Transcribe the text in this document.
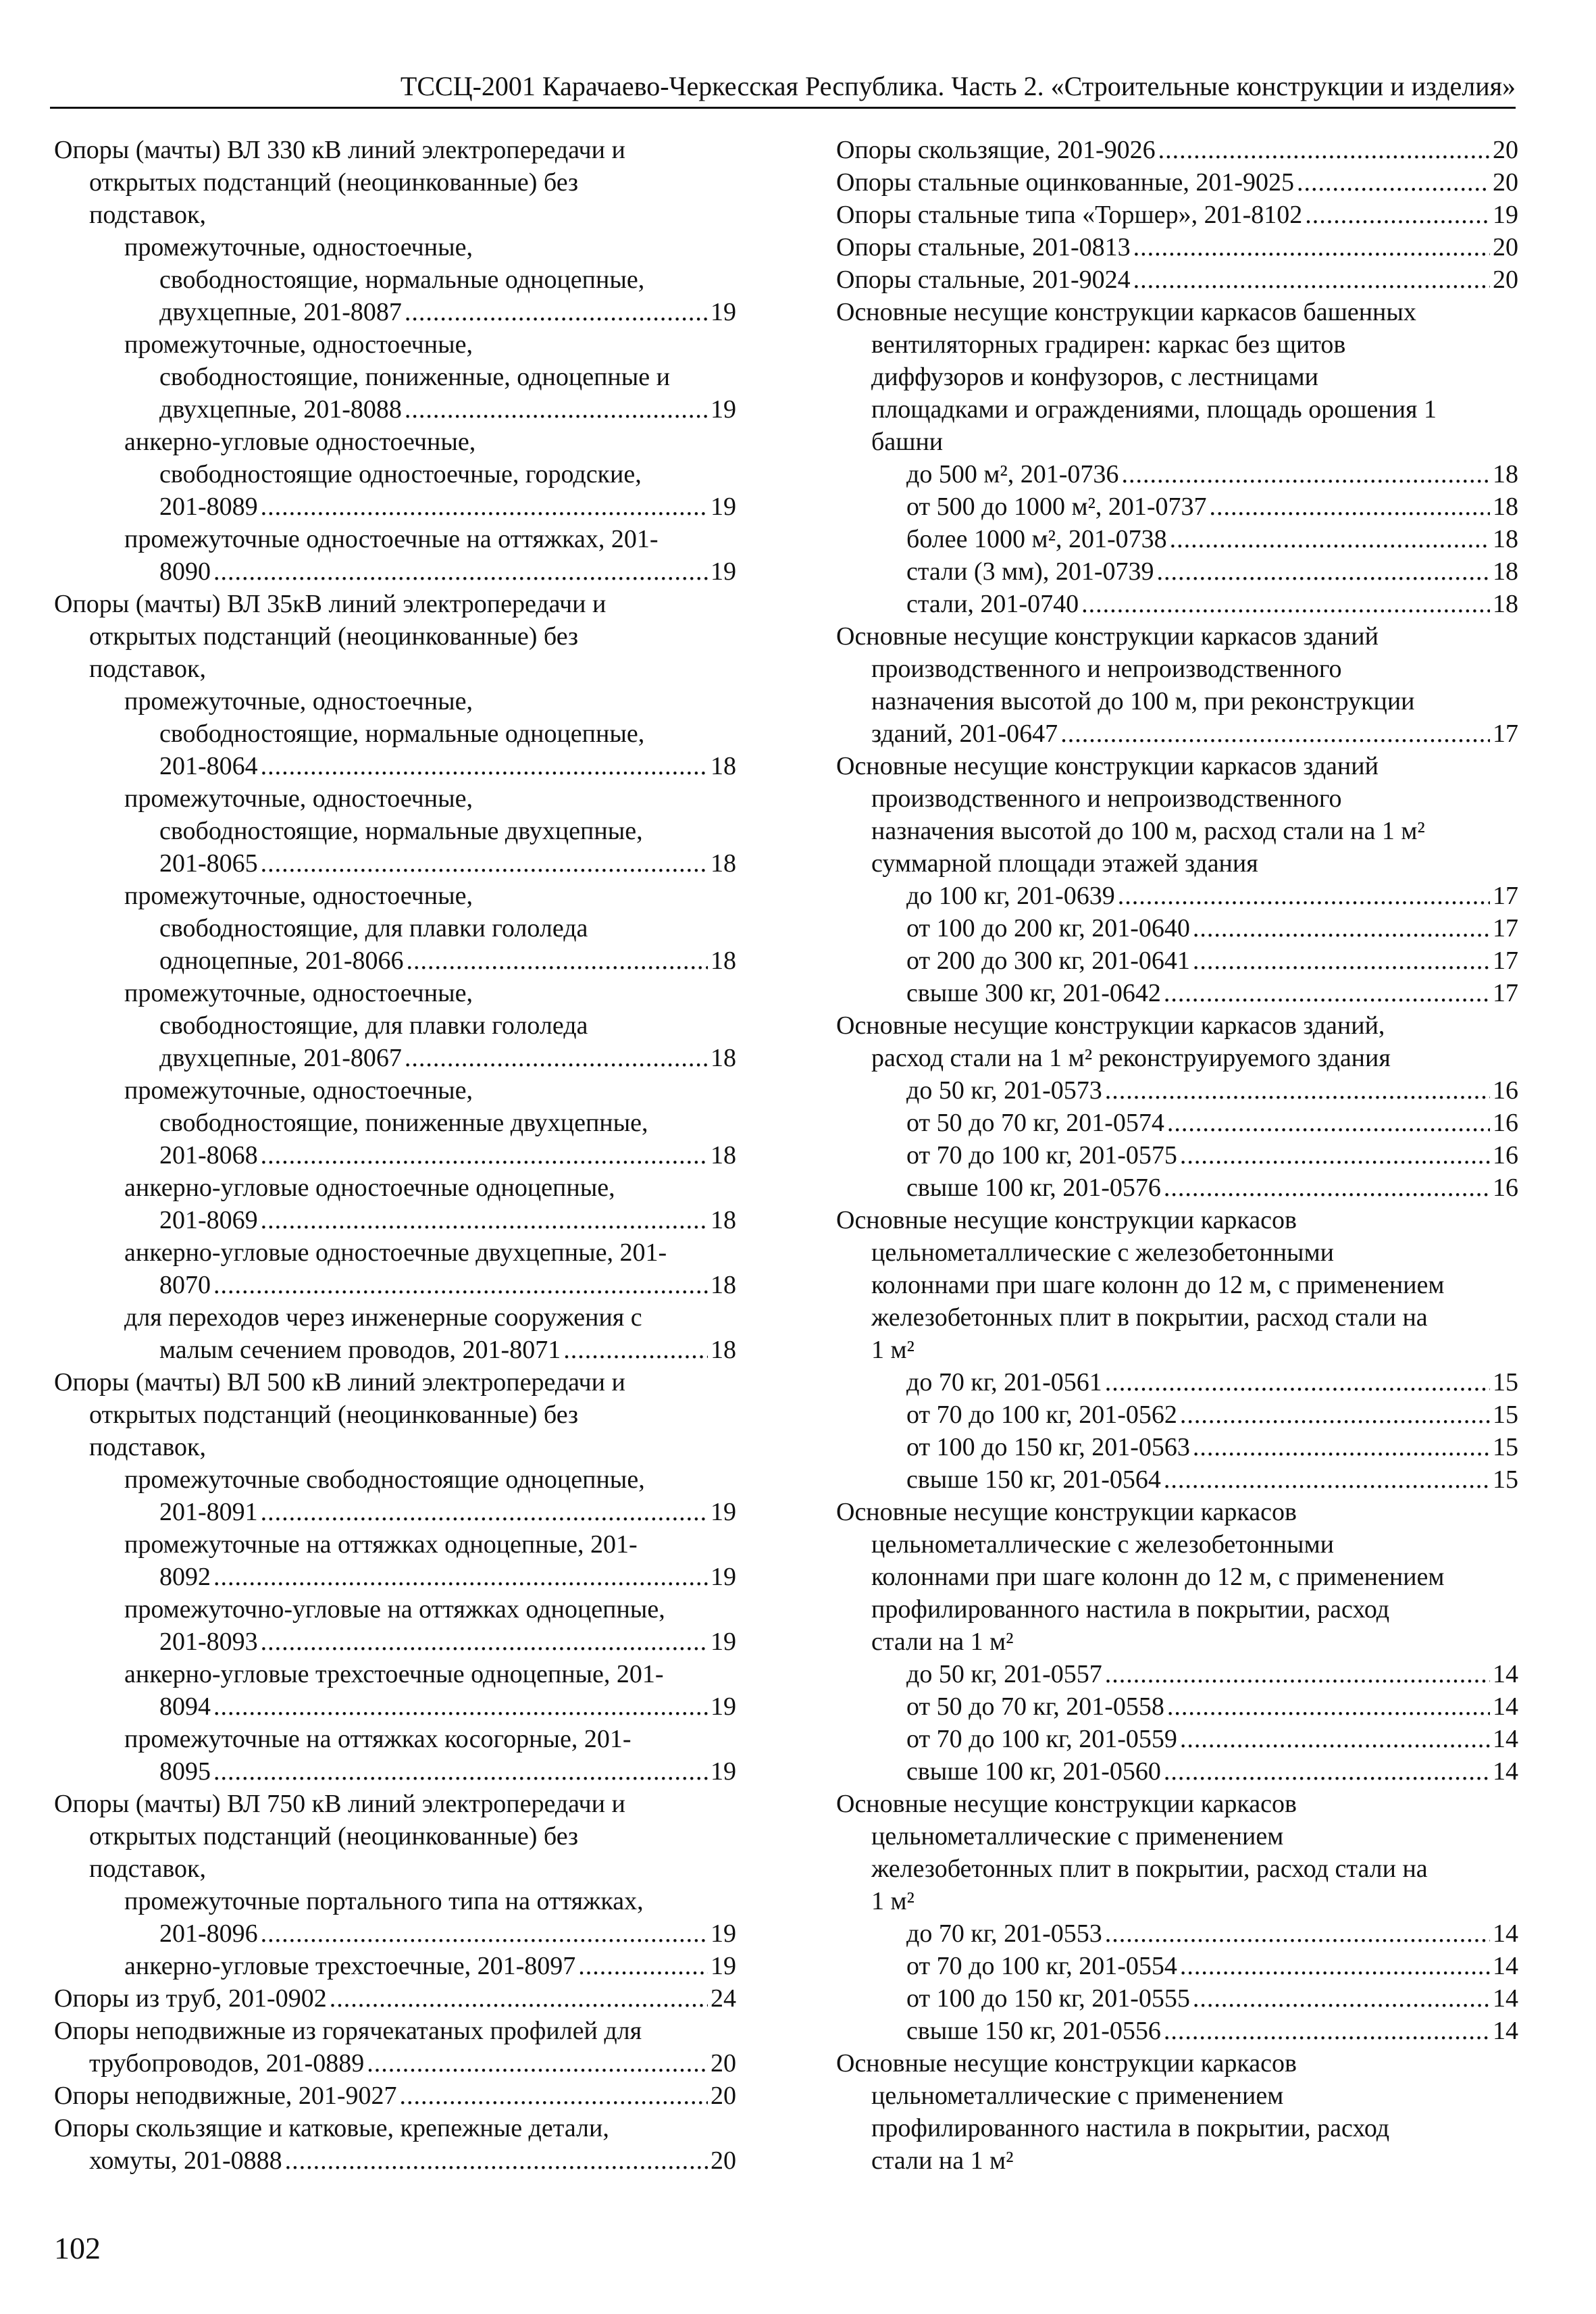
ТССЦ-2001 Карачаево-Черкесская Республика. Часть 2. «Строительные конструкции и изделия»
Опоры (мачты) ВЛ 330 кВ линий электропередачи и
открытых подстанций (неоцинкованные) без
подставок,
промежуточные, одностоечные,
свободностоящие, нормальные одноцепные,
двухцепные, 201-8087 .....	19
промежуточные, одностоечные,
свободностоящие, пониженные, одноцепные и
двухцепные, 201-8088 .....	19
анкерно-угловые одностоечные,
свободностоящие одностоечные, городские,
201-8089 .....	19
промежуточные одностоечные на оттяжках, 201-
8090 .....	19
Опоры (мачты) ВЛ 35кВ линий электропередачи и
открытых подстанций (неоцинкованные) без
подставок,
промежуточные, одностоечные,
свободностоящие, нормальные одноцепные,
201-8064 .....	18
промежуточные, одностоечные,
свободностоящие, нормальные двухцепные,
201-8065 .....	18
промежуточные, одностоечные,
свободностоящие, для плавки гололеда
одноцепные, 201-8066 .....	18
промежуточные, одностоечные,
свободностоящие, для плавки гололеда
двухцепные, 201-8067 .....	18
промежуточные, одностоечные,
свободностоящие, пониженные двухцепные,
201-8068 .....	18
анкерно-угловые одностоечные одноцепные,
201-8069 .....	18
анкерно-угловые одностоечные двухцепные, 201-
8070 .....	18
для переходов через инженерные сооружения с
малым сечением проводов, 201-8071 .....	18
Опоры (мачты) ВЛ 500 кВ линий электропередачи и
открытых подстанций (неоцинкованные) без
подставок,
промежуточные свободностоящие одноцепные,
201-8091 .....	19
промежуточные на оттяжках одноцепные, 201-
8092 .....	19
промежуточно-угловые на оттяжках одноцепные,
201-8093 .....	19
анкерно-угловые трехстоечные одноцепные, 201-
8094 .....	19
промежуточные на оттяжках косогорные, 201-
8095 .....	19
Опоры (мачты) ВЛ 750 кВ линий электропередачи и
открытых подстанций (неоцинкованные) без
подставок,
промежуточные портального типа на оттяжках,
201-8096 .....	19
анкерно-угловые трехстоечные, 201-8097 .....	19
Опоры из труб, 201-0902 .....	24
Опоры неподвижные из горячекатаных профилей для
трубопроводов, 201-0889 .....	20
Опоры неподвижные, 201-9027 .....	20
Опоры скользящие и катковые, крепежные детали,
хомуты, 201-0888 .....	20
Опоры скользящие, 201-9026 .....	20
Опоры стальные оцинкованные, 201-9025 .....	20
Опоры стальные типа «Торшер», 201-8102 .....	19
Опоры стальные, 201-0813 .....	20
Опоры стальные, 201-9024 .....	20
Основные несущие конструкции каркасов башенных
вентиляторных градирен: каркас без щитов
диффузоров и конфузоров, с лестницами
площадками и ограждениями, площадь орошения 1
башни
до 500 м², 201-0736 .....	18
от 500 до 1000 м², 201-0737 .....	18
более 1000 м², 201-0738 .....	18
стали (3 мм), 201-0739 .....	18
стали, 201-0740 .....	18
Основные несущие конструкции каркасов зданий
производственного и непроизводственного
назначения высотой до 100 м, при реконструкции
зданий, 201-0647 .....	17
Основные несущие конструкции каркасов зданий
производственного и непроизводственного
назначения высотой до 100 м, расход стали на 1 м²
суммарной площади этажей здания
до 100 кг, 201-0639 .....	17
от 100 до 200 кг, 201-0640 .....	17
от 200 до 300 кг, 201-0641 .....	17
свыше 300 кг, 201-0642 .....	17
Основные несущие конструкции каркасов зданий,
расход стали на 1 м² реконструируемого здания
до 50 кг, 201-0573 .....	16
от 50 до 70 кг, 201-0574 .....	16
от 70 до 100 кг, 201-0575 .....	16
свыше 100 кг, 201-0576 .....	16
Основные несущие конструкции каркасов
цельнометаллические с железобетонными
колоннами при шаге колонн до 12 м, с применением
железобетонных плит в покрытии, расход стали на
1 м²
до 70 кг, 201-0561 .....	15
от 70 до 100 кг, 201-0562 .....	15
от 100 до 150 кг, 201-0563 .....	15
свыше 150 кг, 201-0564 .....	15
Основные несущие конструкции каркасов
цельнометаллические с железобетонными
колоннами при шаге колонн до 12 м, с применением
профилированного настила в покрытии, расход
стали на 1 м²
до 50 кг, 201-0557 .....	14
от 50 до 70 кг, 201-0558 .....	14
от 70 до 100 кг, 201-0559 .....	14
свыше 100 кг, 201-0560 .....	14
Основные несущие конструкции каркасов
цельнометаллические с применением
железобетонных плит в покрытии, расход стали на
1 м²
до 70 кг, 201-0553 .....	14
от 70 до 100 кг, 201-0554 .....	14
от 100 до 150 кг, 201-0555 .....	14
свыше 150 кг, 201-0556 .....	14
Основные несущие конструкции каркасов
цельнометаллические с применением
профилированного настила в покрытии, расход
стали на 1 м²
102
